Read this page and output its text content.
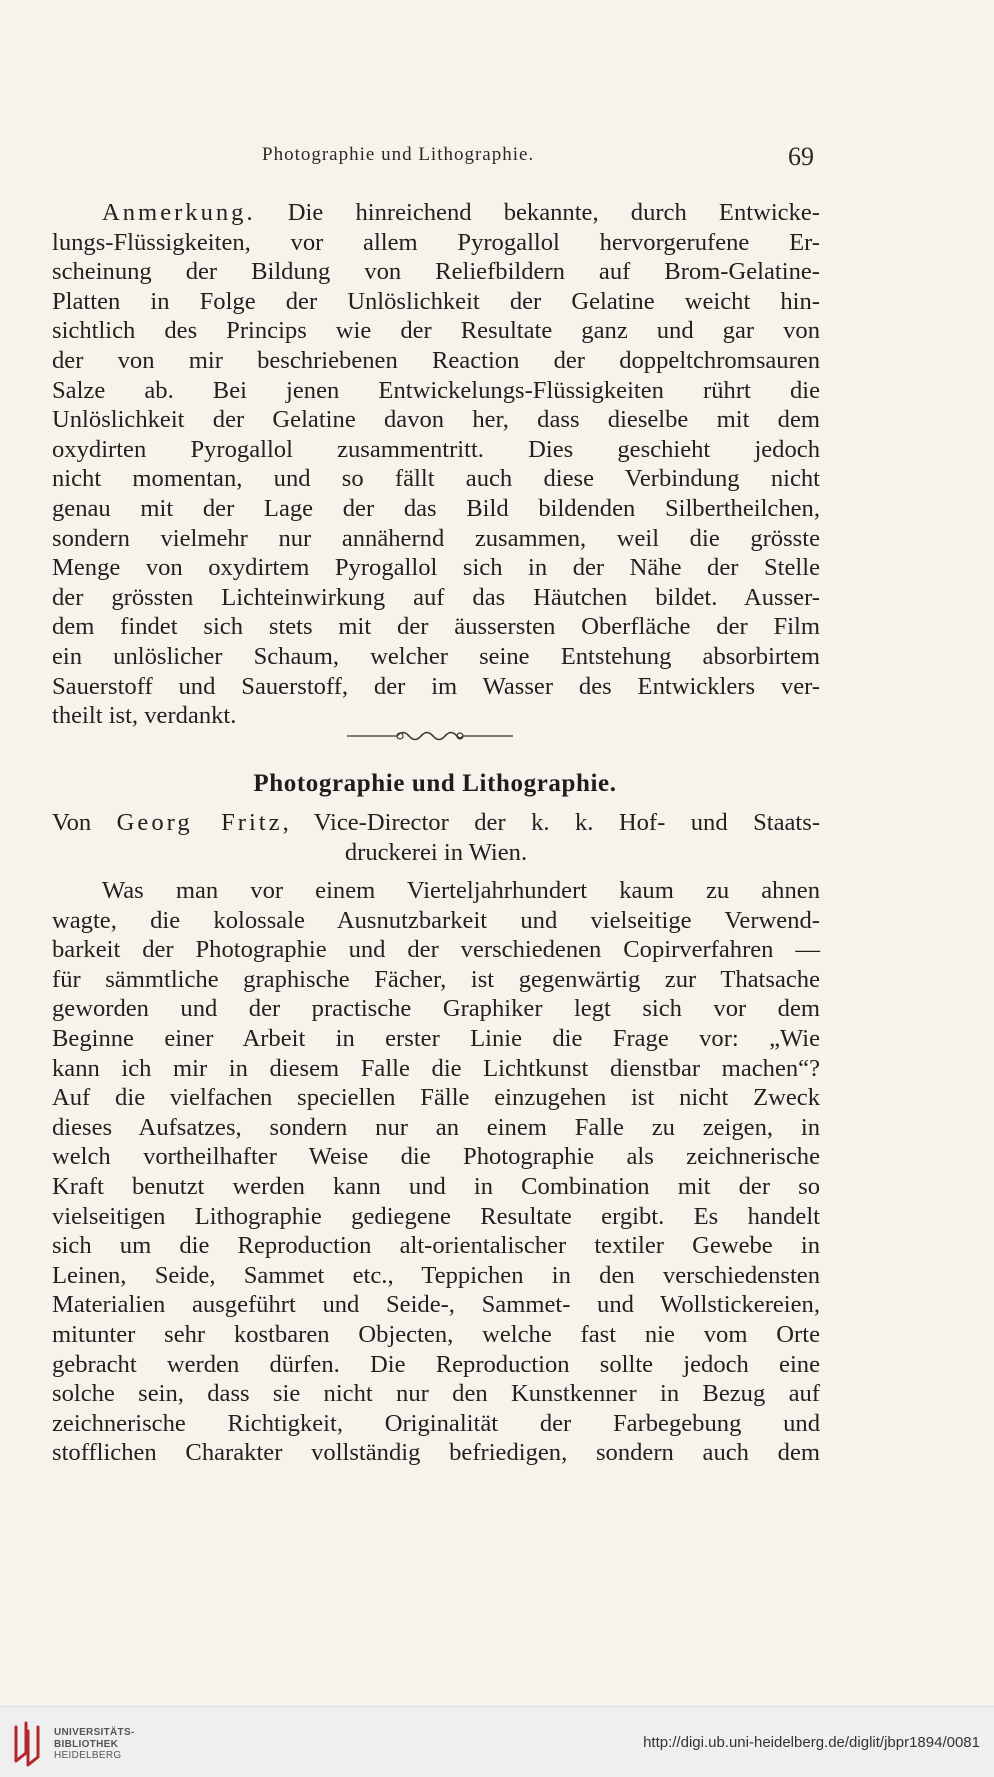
Photographie und Lithographie.	69
Anmerkung. Die hinreichend bekannte, durch Entwicke-
lungs-Flüssigkeiten, vor allem Pyrogallol hervorgerufene Er-
scheinung der Bildung von Reliefbildern auf Brom-Gelatine-
Platten in Folge der Unlöslichkeit der Gelatine weicht hin-
sichtlich des Princips wie der Resultate ganz und gar von
der von mir beschriebenen Reaction der doppeltchromsauren
Salze ab. Bei jenen Entwickelungs-Flüssigkeiten rührt die
Unlöslichkeit der Gelatine davon her, dass dieselbe mit dem
oxydirten Pyrogallol zusammentritt. Dies geschieht jedoch
nicht momentan, und so fällt auch diese Verbindung nicht
genau mit der Lage der das Bild bildenden Silbertheilchen,
sondern vielmehr nur annähernd zusammen, weil die grösste
Menge von oxydirtem Pyrogallol sich in der Nähe der Stelle
der grössten Lichteinwirkung auf das Häutchen bildet. Ausser-
dem findet sich stets mit der äussersten Oberfläche der Film
ein unlöslicher Schaum, welcher seine Entstehung absorbirtem
Sauerstoff und Sauerstoff, der im Wasser des Entwicklers ver-
theilt ist, verdankt.
Photographie und Lithographie.
Von Georg Fritz, Vice-Director der k. k. Hof- und Staats-
druckerei in Wien.
Was man vor einem Vierteljahrhundert kaum zu ahnen
wagte, die kolossale Ausnutzbarkeit und vielseitige Verwend-
barkeit der Photographie und der verschiedenen Copirverfahren —
für sämmtliche graphische Fächer, ist gegenwärtig zur Thatsache
geworden und der practische Graphiker legt sich vor dem
Beginne einer Arbeit in erster Linie die Frage vor: „Wie
kann ich mir in diesem Falle die Lichtkunst dienstbar machen“?
Auf die vielfachen speciellen Fälle einzugehen ist nicht Zweck
dieses Aufsatzes, sondern nur an einem Falle zu zeigen, in
welch vortheilhafter Weise die Photographie als zeichnerische
Kraft benutzt werden kann und in Combination mit der so
vielseitigen Lithographie gediegene Resultate ergibt. Es handelt
sich um die Reproduction alt-orientalischer textiler Gewebe in
Leinen, Seide, Sammet etc., Teppichen in den verschiedensten
Materialien ausgeführt und Seide-, Sammet- und Wollstickereien,
mitunter sehr kostbaren Objecten, welche fast nie vom Orte
gebracht werden dürfen. Die Reproduction sollte jedoch eine
solche sein, dass sie nicht nur den Kunstkenner in Bezug auf
zeichnerische Richtigkeit, Originalität der Farbegebung und
stofflichen Charakter vollständig befriedigen, sondern auch dem
UNIVERSITÄTS-
BIBLIOTHEK
HEIDELBERG
http://digi.ub.uni-heidelberg.de/diglit/jbpr1894/0081
